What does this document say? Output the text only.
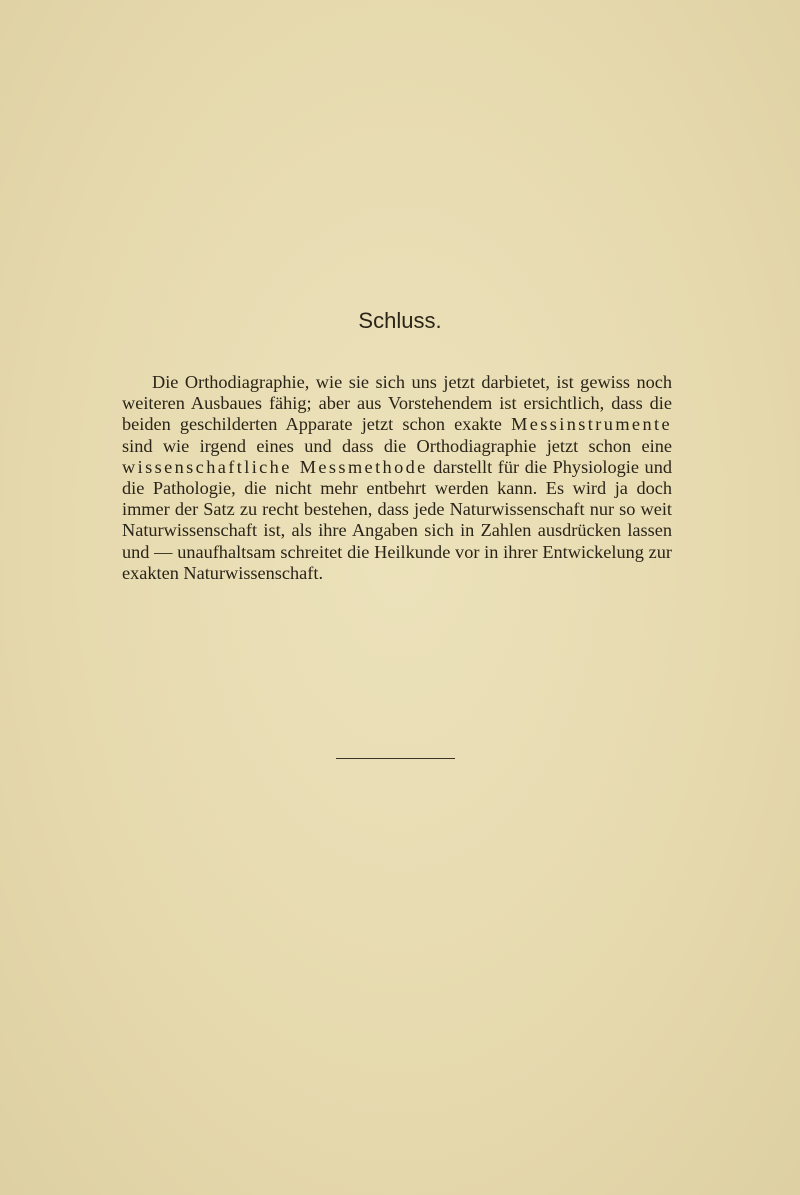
Schluss.

Die Orthodiagraphie, wie sie sich uns jetzt darbietet, ist gewiss noch weiteren Ausbaues fähig; aber aus Vorstehendem ist ersichtlich, dass die beiden geschilderten Apparate jetzt schon exakte Messinstrumente sind wie irgend eines und dass die Orthodiagraphie jetzt schon eine wissenschaftliche Messmethode darstellt für die Physiologie und die Pathologie, die nicht mehr entbehrt werden kann. Es wird ja doch immer der Satz zu recht bestehen, dass jede Naturwissenschaft nur so weit Naturwissenschaft ist, als ihre Angaben sich in Zahlen ausdrücken lassen und — unaufhaltsam schreitet die Heilkunde vor in ihrer Entwickelung zur exakten Naturwissenschaft.
